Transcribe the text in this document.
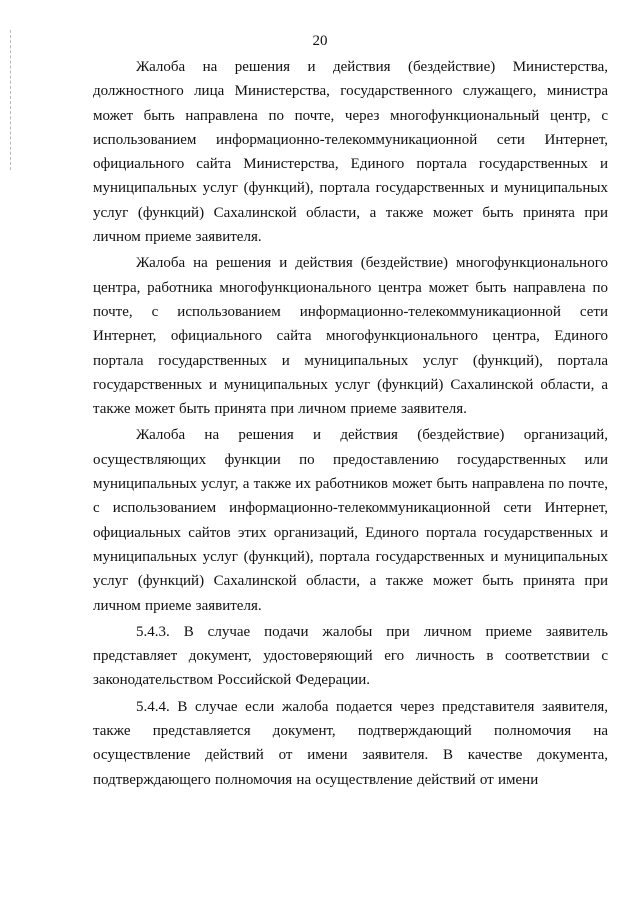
20

Жалоба на решения и действия (бездействие) Министерства, должностного лица Министерства, государственного служащего, министра может быть направлена по почте, через многофункциональный центр, с использованием информационно-телекоммуникационной сети Интернет, официального сайта Министерства, Единого портала государственных и муниципальных услуг (функций), портала государственных и муниципальных услуг (функций) Сахалинской области, а также может быть принята при личном приеме заявителя.

Жалоба на решения и действия (бездействие) многофункционального центра, работника многофункционального центра может быть направлена по почте, с использованием информационно-телекоммуникационной сети Интернет, официального сайта многофункционального центра, Единого портала государственных и муниципальных услуг (функций), портала государственных и муниципальных услуг (функций) Сахалинской области, а также может быть принята при личном приеме заявителя.

Жалоба на решения и действия (бездействие) организаций, осуществляющих функции по предоставлению государственных или муниципальных услуг, а также их работников может быть направлена по почте, с использованием информационно-телекоммуникационной сети Интернет, официальных сайтов этих организаций, Единого портала государственных и муниципальных услуг (функций), портала государственных и муниципальных услуг (функций) Сахалинской области, а также может быть принята при личном приеме заявителя.

5.4.3. В случае подачи жалобы при личном приеме заявитель представляет документ, удостоверяющий его личность в соответствии с законодательством Российской Федерации.

5.4.4. В случае если жалоба подается через представителя заявителя, также представляется документ, подтверждающий полномочия на осуществление действий от имени заявителя. В качестве документа, подтверждающего полномочия на осуществление действий от имени
